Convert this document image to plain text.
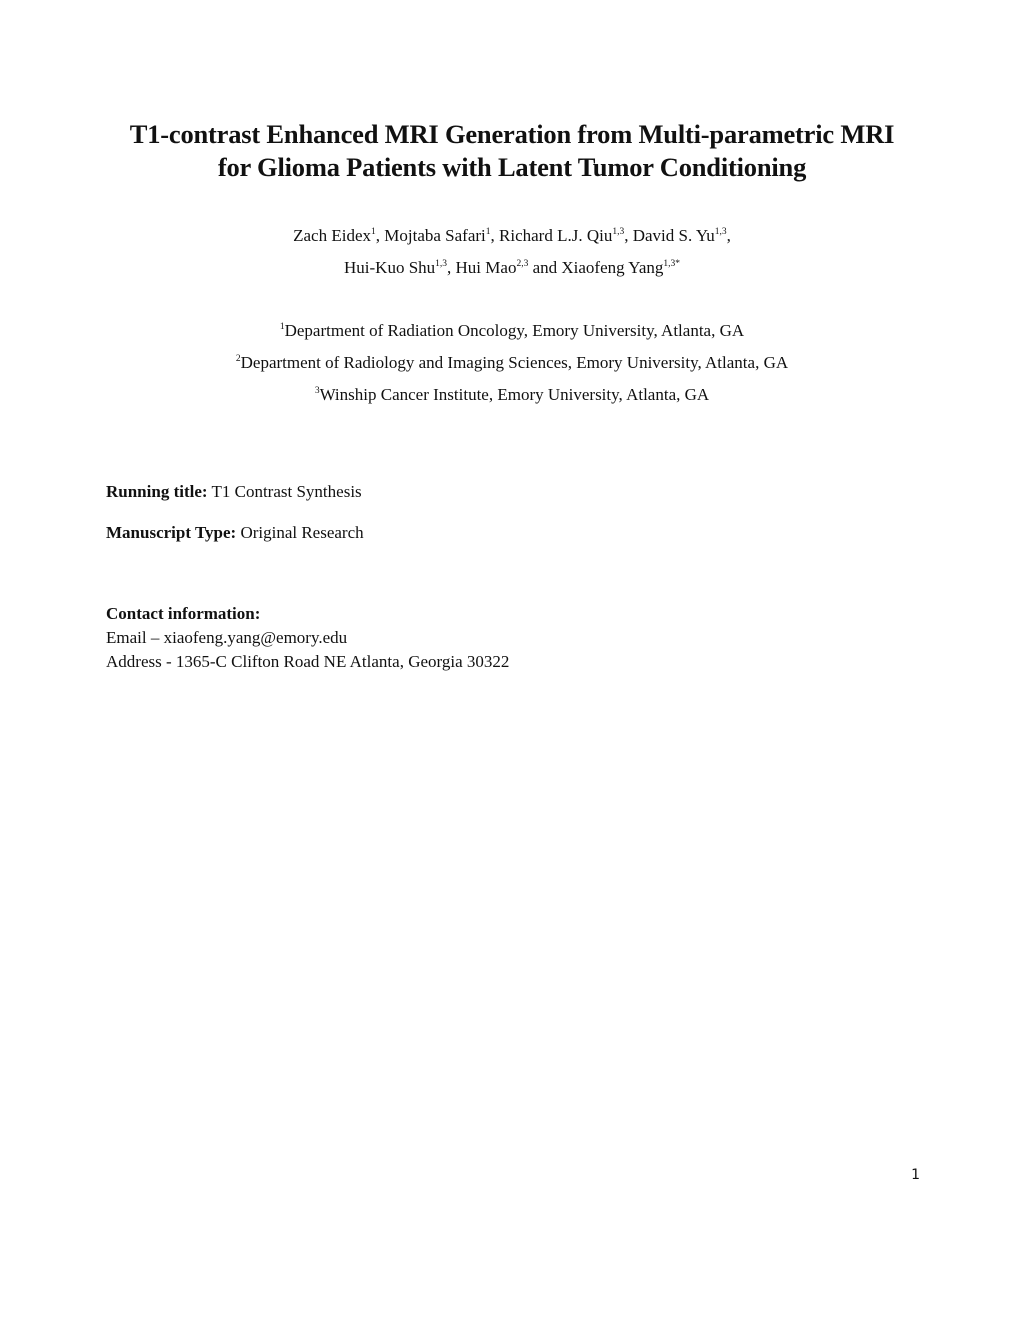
T1-contrast Enhanced MRI Generation from Multi-parametric MRI
for Glioma Patients with Latent Tumor Conditioning
Zach Eidex$^1$, Mojtaba Safari$^1$, Richard L.J. Qiu$^{1,3}$, David S. Yu$^{1,3}$,
Hui-Kuo Shu$^{1,3}$, Hui Mao$^{2,3}$ and Xiaofeng Yang$^{1,3*}$
$^1$Department of Radiation Oncology, Emory University, Atlanta, GA
$^2$Department of Radiology and Imaging Sciences, Emory University, Atlanta, GA
$^3$Winship Cancer Institute, Emory University, Atlanta, GA
Running title: T1 Contrast Synthesis
Manuscript Type: Original Research
Contact information:
Email – xiaofeng.yang@emory.edu
Address - 1365-C Clifton Road NE Atlanta, Georgia 30322
1
